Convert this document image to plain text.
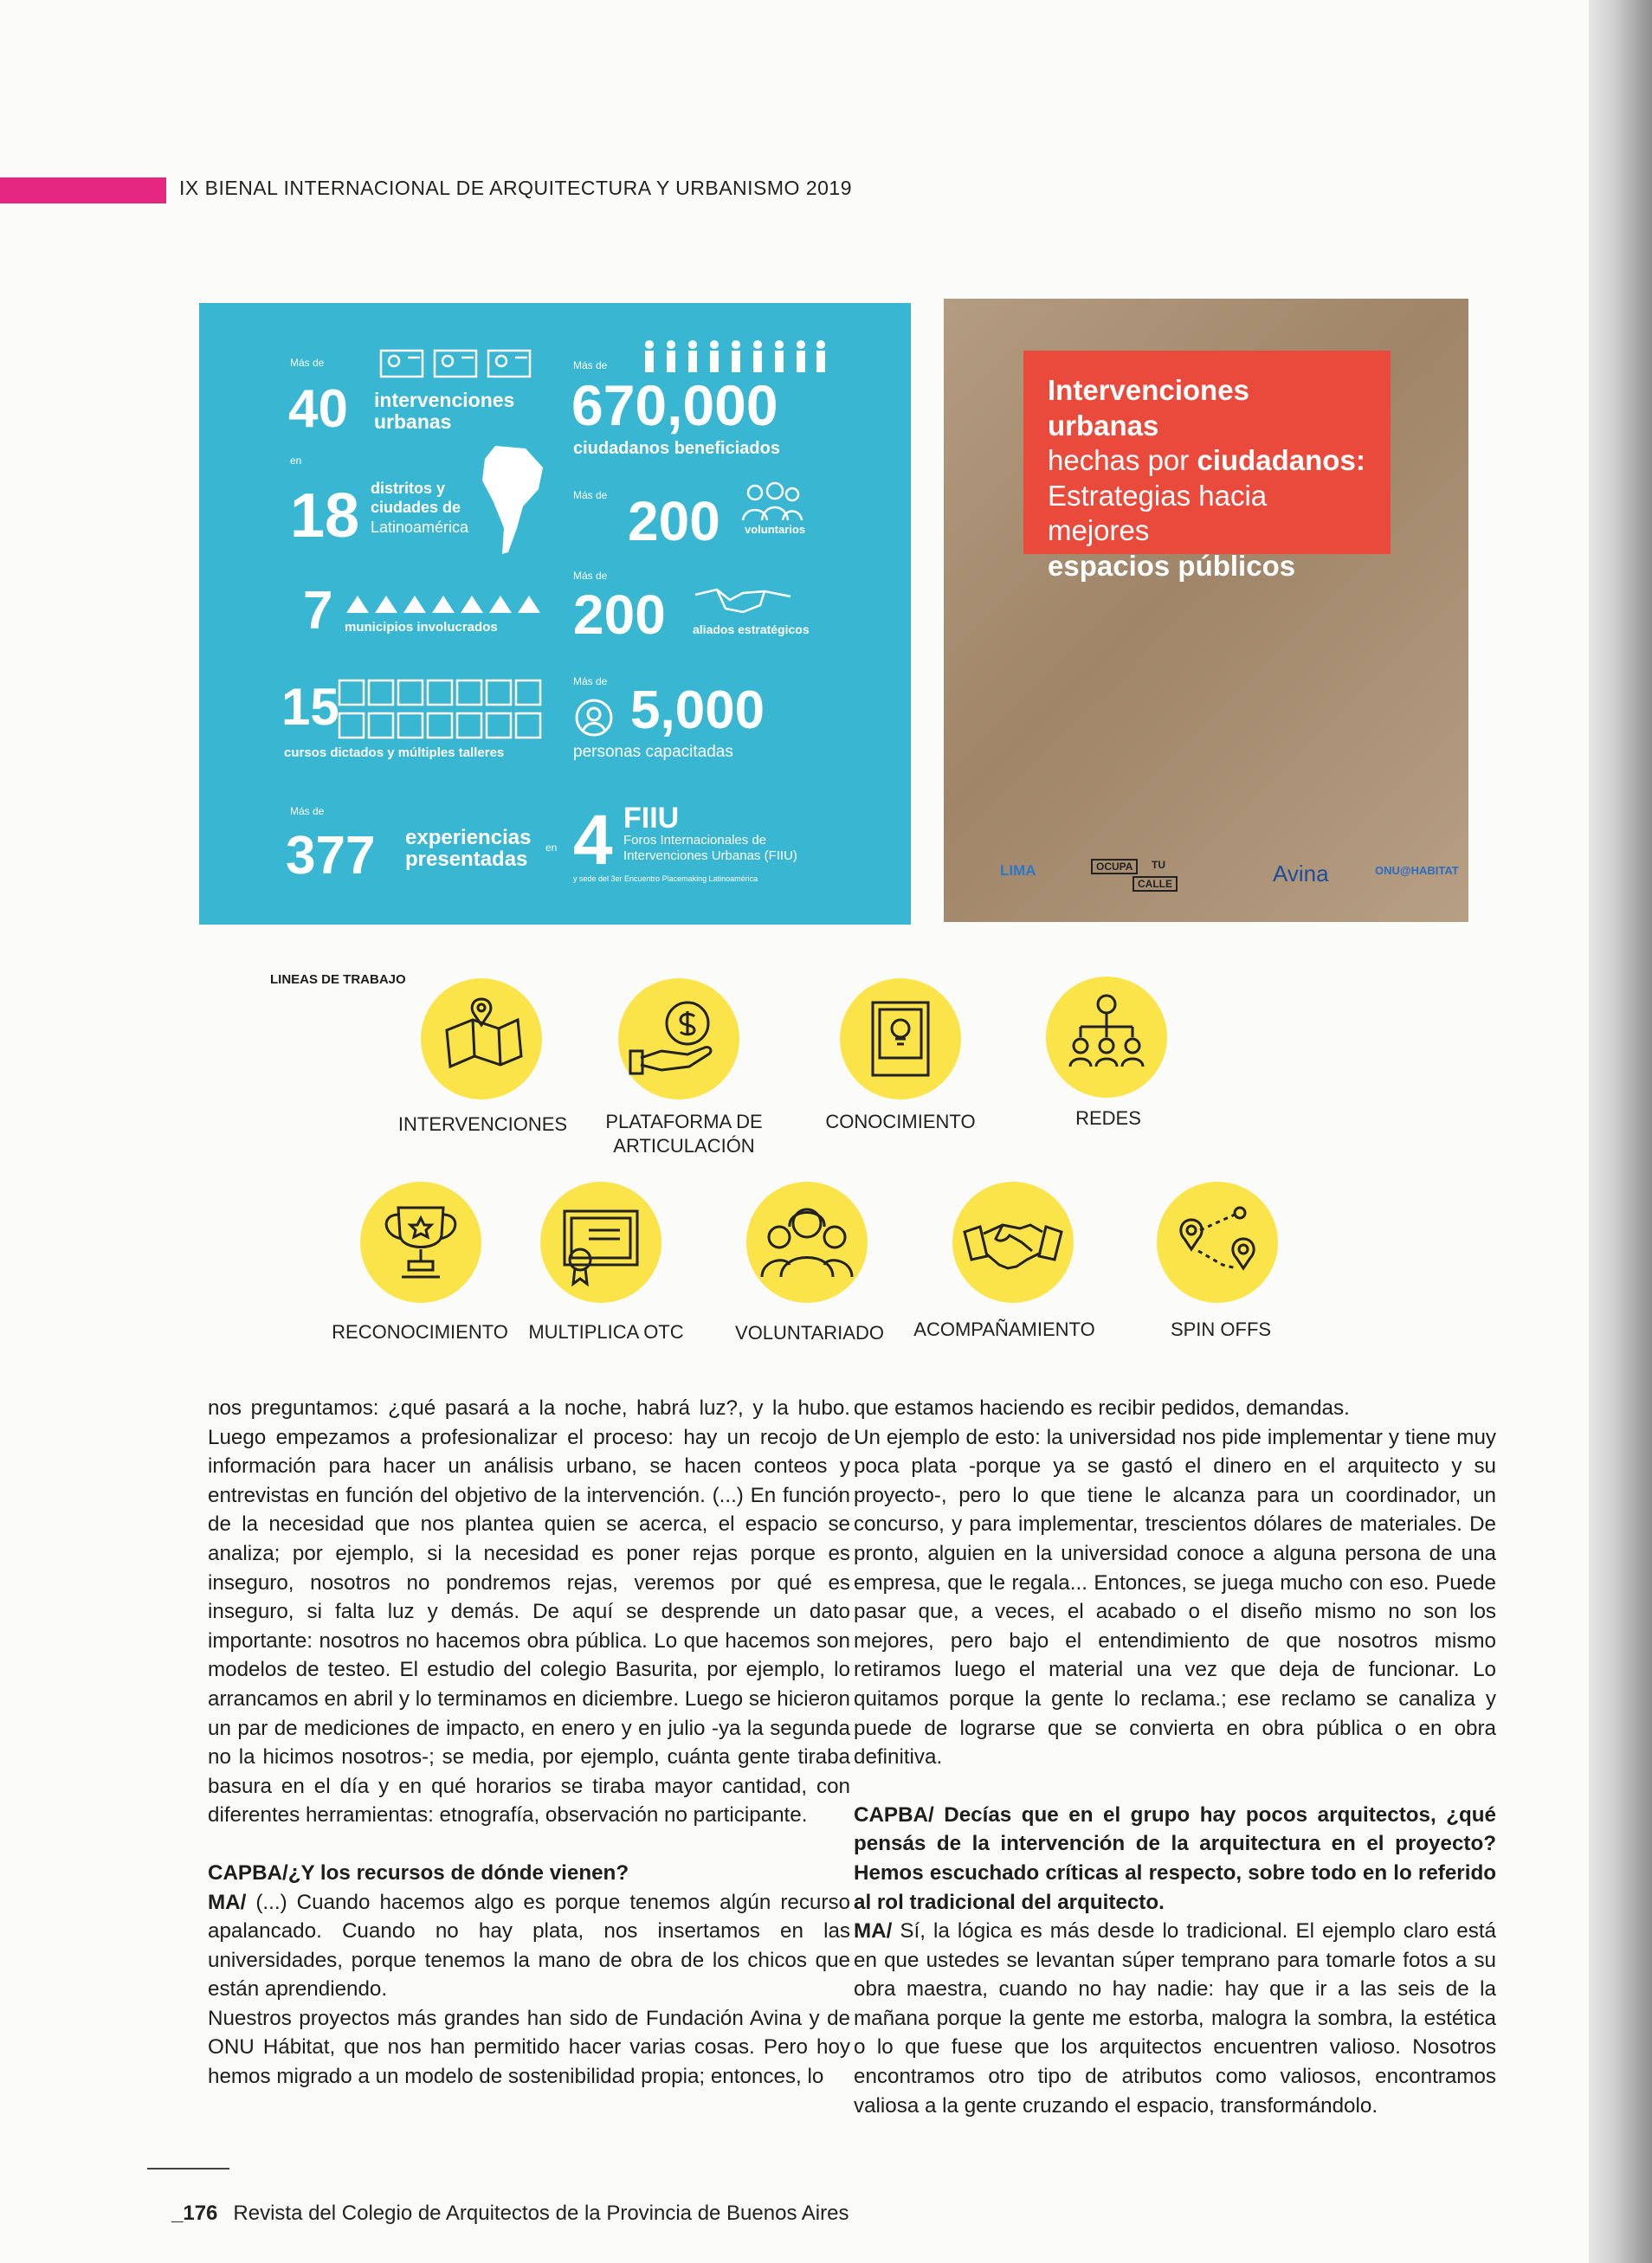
IX BIENAL INTERNACIONAL DE ARQUITECTURA Y URBANISMO 2019
Más de
40 intervenciones
urbanas
en
18 distritos y
ciudades de
Latinoamérica
7 municipios involucrados
15
cursos dictados y múltiples talleres
Más de
377 experiencias
presentadas en
Más de
670,000
ciudadanos beneficiados
Más de 200 voluntarios
Más de
200 aliados estratégicos
Más de 5,000
personas capacitadas
4 FIIU
Foros Internacionales de
Intervenciones Urbanas (FIIU)
y sede del 3er Encuentro Placemaking Latinoamérica
Intervenciones urbanas
hechas por ciudadanos:
Estrategias hacia mejores
espacios públicos
LIMA	OCUPA	TU
CALLE	Avina	ONU@HABITAT
LINEAS DE TRABAJO
INTERVENCIONES	PLATAFORMA DE
ARTICULACIÓN
CONOCIMIENTO	REDES
RECONOCIMIENTO	MULTIPLICA OTC	VOLUNTARIADO	ACOMPAÑAMIENTO	SPIN OFFS

nos preguntamos: ¿qué pasará a la noche, habrá luz?, y la hubo. Luego empezamos a profesionalizar el proceso: hay un recojo de información para hacer un análisis urbano, se hacen conteos y entrevistas en función del objetivo de la intervención. (...) En función de la necesidad que nos plantea quien se acerca, el espacio se analiza; por ejemplo, si la necesidad es poner rejas porque es inseguro, nosotros no pondremos rejas, veremos por qué es inseguro, si falta luz y demás. De aquí se desprende un dato importante: nosotros no hacemos obra pública. Lo que hacemos son modelos de testeo. El estudio del colegio Basurita, por ejemplo, lo arrancamos en abril y lo terminamos en diciembre. Luego se hicieron un par de mediciones de impacto, en enero y en julio -ya la segunda no la hicimos nosotros-; se media, por ejemplo, cuánta gente tiraba basura en el día y en qué horarios se tiraba mayor cantidad, con diferentes herramientas: etnografía, observación no participante.

CAPBA/¿Y los recursos de dónde vienen?

MA/ (...) Cuando hacemos algo es porque tenemos algún recurso apalancado. Cuando no hay plata, nos insertamos en las universidades, porque tenemos la mano de obra de los chicos que están aprendiendo.

Nuestros proyectos más grandes han sido de Fundación Avina y de ONU Hábitat, que nos han permitido hacer varias cosas. Pero hoy hemos migrado a un modelo de sostenibilidad propia; entonces, lo

que estamos haciendo es recibir pedidos, demandas.

Un ejemplo de esto: la universidad nos pide implementar y tiene muy poca plata -porque ya se gastó el dinero en el arquitecto y su proyecto-, pero lo que tiene le alcanza para un coordinador, un concurso, y para implementar, trescientos dólares de materiales. De pronto, alguien en la universidad conoce a alguna persona de una empresa, que le regala... Entonces, se juega mucho con eso. Puede pasar que, a veces, el acabado o el diseño mismo no son los mejores, pero bajo el entendimiento de que nosotros mismo retiramos luego el material una vez que deja de funcionar. Lo quitamos porque la gente lo reclama.; ese reclamo se canaliza y puede de lograrse que se convierta en obra pública o en obra definitiva.

CAPBA/ Decías que en el grupo hay pocos arquitectos, ¿qué pensás de la intervención de la arquitectura en el proyecto? Hemos escuchado críticas al respecto, sobre todo en lo referido al rol tradicional del arquitecto.

MA/ Sí, la lógica es más desde lo tradicional. El ejemplo claro está en que ustedes se levantan súper temprano para tomarle fotos a su obra maestra, cuando no hay nadie: hay que ir a las seis de la mañana porque la gente me estorba, malogra la sombra, la estética o lo que fuese que los arquitectos encuentren valioso. Nosotros encontramos otro tipo de atributos como valiosos, encontramos valiosa a la gente cruzando el espacio, transformándolo.

_176 Revista del Colegio de Arquitectos de la Provincia de Buenos Aires
